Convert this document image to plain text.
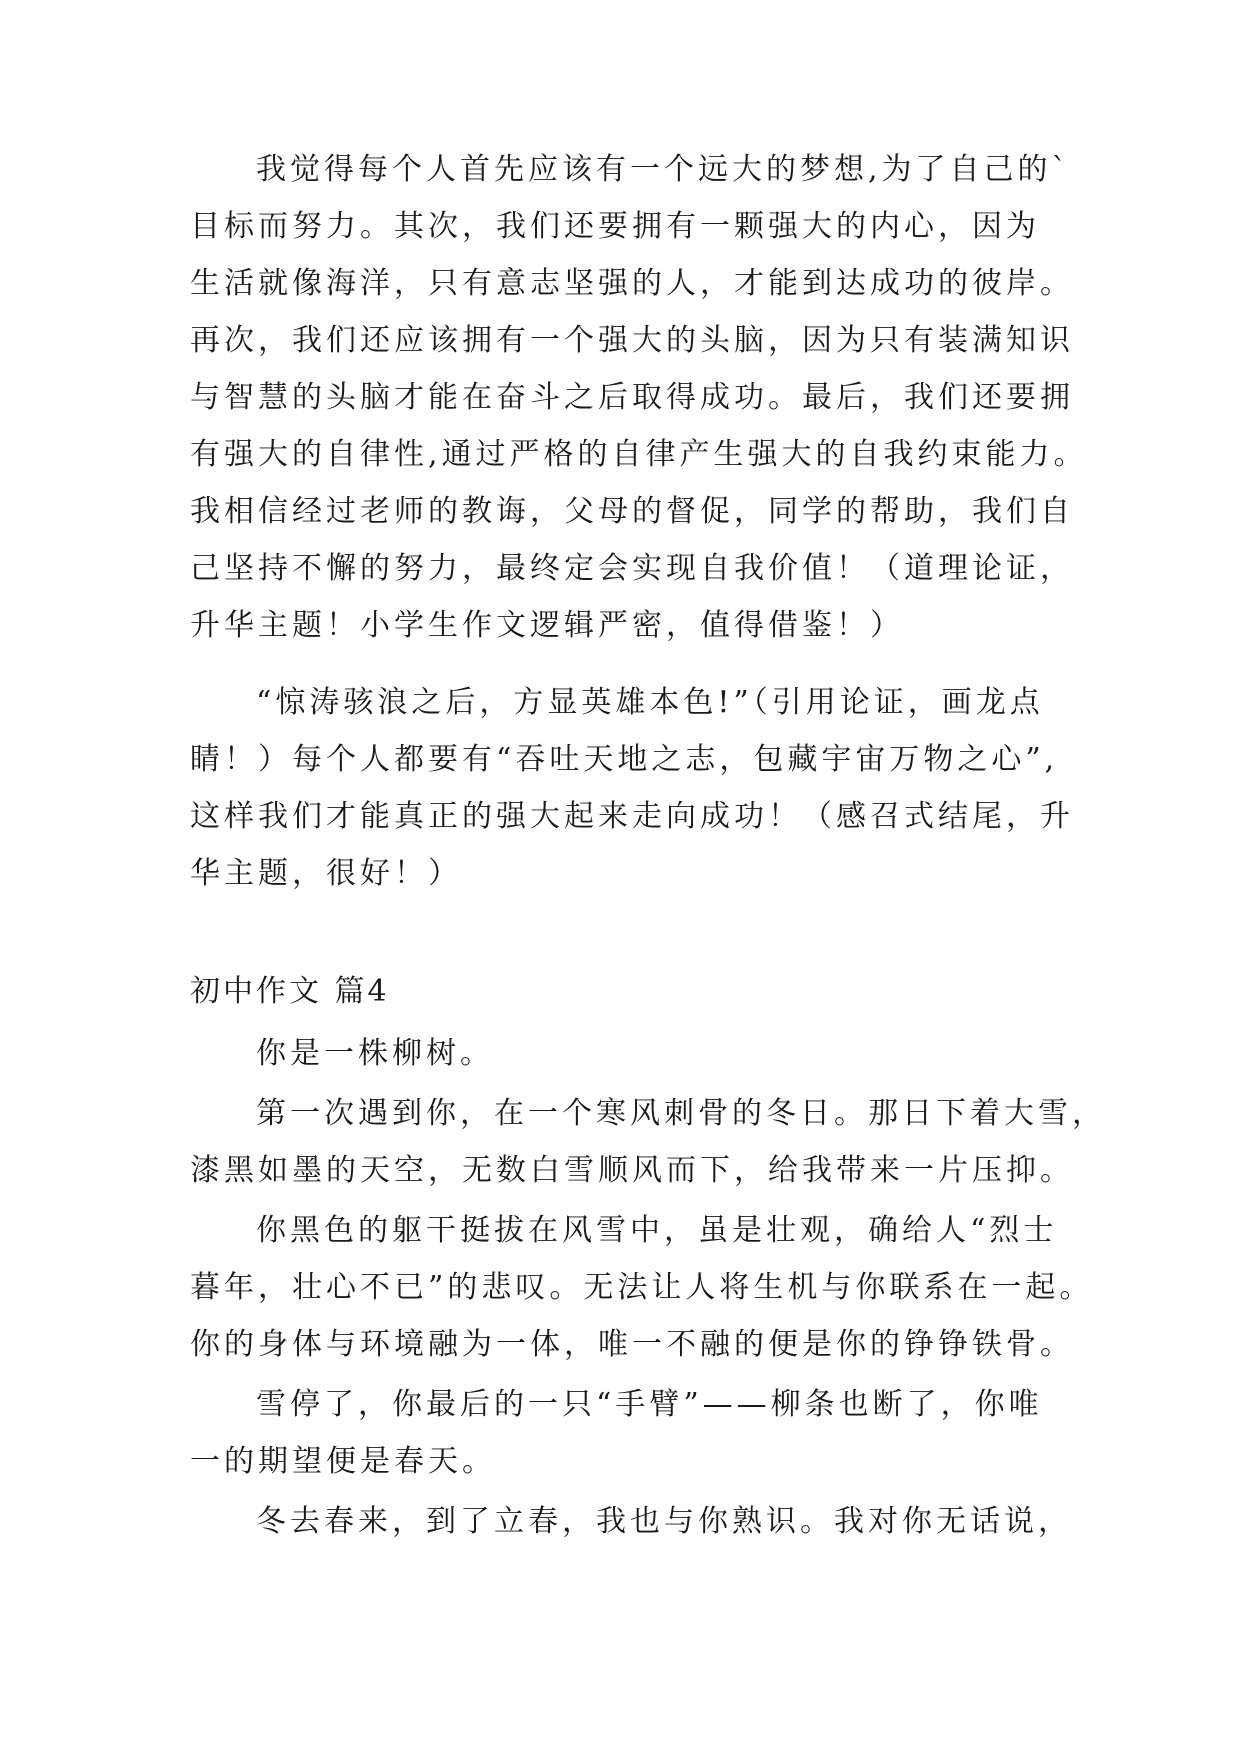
我觉得每个人首先应该有一个远大的梦想,为了自己的`
目标而努力。其次，我们还要拥有一颗强大的内心，因为
生活就像海洋，只有意志坚强的人，才能到达成功的彼岸。
再次，我们还应该拥有一个强大的头脑，因为只有装满知识
与智慧的头脑才能在奋斗之后取得成功。最后，我们还要拥
有强大的自律性,通过严格的自律产生强大的自我约束能力。
我相信经过老师的教诲，父母的督促，同学的帮助，我们自
己坚持不懈的努力，最终定会实现自我价值！（道理论证，
升华主题！小学生作文逻辑严密，值得借鉴！）
“惊涛骇浪之后，方显英雄本色!”（引用论证，画龙点
睛！）每个人都要有“吞吐天地之志，包藏宇宙万物之心”,
这样我们才能真正的强大起来走向成功！（感召式结尾，升
华主题，很好！）
初中作文 篇4
你是一株柳树。
第一次遇到你，在一个寒风刺骨的冬日。那日下着大雪，
漆黑如墨的天空，无数白雪顺风而下，给我带来一片压抑。
你黑色的躯干挺拔在风雪中，虽是壮观，确给人“烈士
暮年，壮心不已”的悲叹。无法让人将生机与你联系在一起。
你的身体与环境融为一体，唯一不融的便是你的铮铮铁骨。
雪停了，你最后的一只“手臂”——柳条也断了，你唯
一的期望便是春天。
冬去春来，到了立春，我也与你熟识。我对你无话说，
